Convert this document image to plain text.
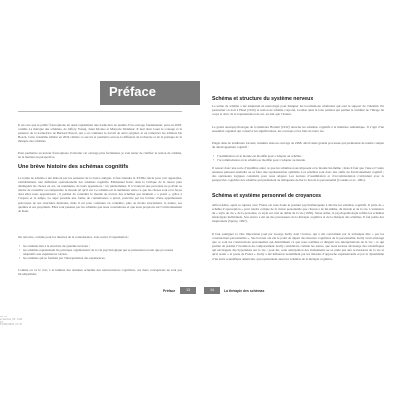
Préface

Il est rare que le public francophone ait aussi rapidement une traduction de qualité d’un ouvrage fondamental, paru en 2003, comme La thérapie des schémas, de Jeffrey Young, Janet Klosko et Marjorie Weishaar. Il faut donc louer le courage et la patience de la traductrice de Bernard Pascal, qui a su continuer le travail de suivi original, et en remercier les éditions De Boeck. Cette troisième édition en 2024 célèbre ce succès et permettra encore la diffusion de la théorie et de la pratique de la thérapie des schémas.

Pour permettre au lecteur francophone d’aborder cet ouvrage plus facilement, je vais tenter de clarifier la notion de schéma, en la mettant en perspective.

Une brève histoire des schémas cognitifs

Le terme de schéma a été élaboré par les penseurs de la Grèce antique, il faut attendre le XVIIIe siècle pour voir apparaître, véritablement, une définition opérationnelle des schémas cognitifs. Emmanuel Kant, dans la Critique de la raison pure distinguait les choses en soi, ou noumènes, de leurs apparences : les phénomènes. Il n’avançait que personne ne pouvait se rendre de connaître ou comprendre le monde tel qu’il est. Le schéma est le médiateur entre ce que les choses sont et la façon dont elles nous apparaissent ; il permet de connaître le monde au travers des schémas qui résultent « a priori », grâce à l’espace et le temps. Le sujet possède une forme de connaissance a priori, prescrite par les formes d’une appréhension préconçue de ses structures mentales, mais il est pour continuer en connaître, plus ou moins exactement, la nature, ses qualités et ses propriétés. Elles sont pensées par les schémas que nous construisons et que nous projetons sur l’environnement de Kant.

On retrouve, comme pour les théories de la connaissance, trois sortes d’organisation :

• les schémas liés à la structure du système nerveux ;
• les schémas représentant les principes organisateurs de la vie psychologique qui se présentent en tant que processus adaptatifs aux expériences vécues.
• les schémas qui se forment par l’interprétation des expériences.

Comme on va le voir, à la lumière des données actuelles des neurosciences cognitives, ces deux conceptions ne sont pas incompatibles.

Préface	13
de la sciences_03.indd 13
13/06/2024 17:27
Schéma et structure du système nerveux

Le terme de schéma a été emprunté en neurologie pour désigner les localisations cérébrales qui sont le support de l’identité. En particulier on doit à Head (1910) la notion de schéma corporel, localisé dans le lobe pariétal qui permet la stabilité de l’image du corps et donc de la représentation de soi, en tant que l’auteur.

Le grand neuropsychologue de la mémoire Bartlett (1932) rattache les schémas cognitifs à la mémoire sémantique. Il s’agit d’un ensemble organisé qui conserve les significations, les concepts et les faits de notre vie.

Piaget dans de nombreux travaux, résumés dans un ouvrage de 1968, décrit deux grands processus qui permettent de rendre compte du développement cognitif :

• l’assimilation où le monde est modifié pour s’adapter au schéma ;
• l’accommodation où le schéma se modifie pour s’adapter au monde.

Il ressort donc une sorte d’équilibre entre ce que les schémas nous imposent et le monde lui-même ; mais il faut que l’une et l’autre jeunesse puissent atteindre ou se faire une représentation optimale. Les schémas sont donc des outils du fonctionnement cognitif ; des opérateurs logiques construits pour nous adapter. Les notions d’assimilation et d’accommodation s’articulent avec la perspective cognitive des schémas qui permettent au thérapeute de lier le lien de la personnalité (Cousins et al., 1991).

Schéma et système personnel de croyances

Alfred Adler, après sa rupture avec Freud, est sans doute le premier psychothérapeute à décrire les schémas cognitifs. Il parle de « schéma d’aperception » pour rendre compte de la vision personnelle que chacun a de lui-même, du monde et de la vie. L’existence du « style de vie » de la personne, ce style est créé au début de la vie (1930). Selon Adler, la psychopathologie reflète les schémas stéréotypés individuels. Son œuvre a été un des précurseurs de la thérapie cognitive et de la thérapie des schémas. Il fait partie des inspirateurs (Sperry, 1997).

Il faut souligner la vibe importante joué par George Kelly dont l’œuvre, qui a été concrétisée par la technique dite « par les constructions personnelles ». Ses travaux ont été le point de départ des théories cognitives de la personnalité. Kelly avait envisagé que ce sont les constructions personnelles qui déterminent ce que nous sommes et dirigent nos interprétations de la vie ; ce qui permet de prédire l’évolution du comportement. Kelly considérait, comme les autres, que nous serions davantage des scientifiques qui envisagent des hypothèses sur la vie ; pour lui, cette anticipation des événements ne se prête pas aux accusations de la vie et qu’il serait « le poète de Freud ». Kelly a été influencé notamment par les théories d’approche expériencielle et par le dynamisme d’un autre scientifique américain, qui représentent aussi les schémas de la thérapie cognitive.

14	La thérapie des schémas
